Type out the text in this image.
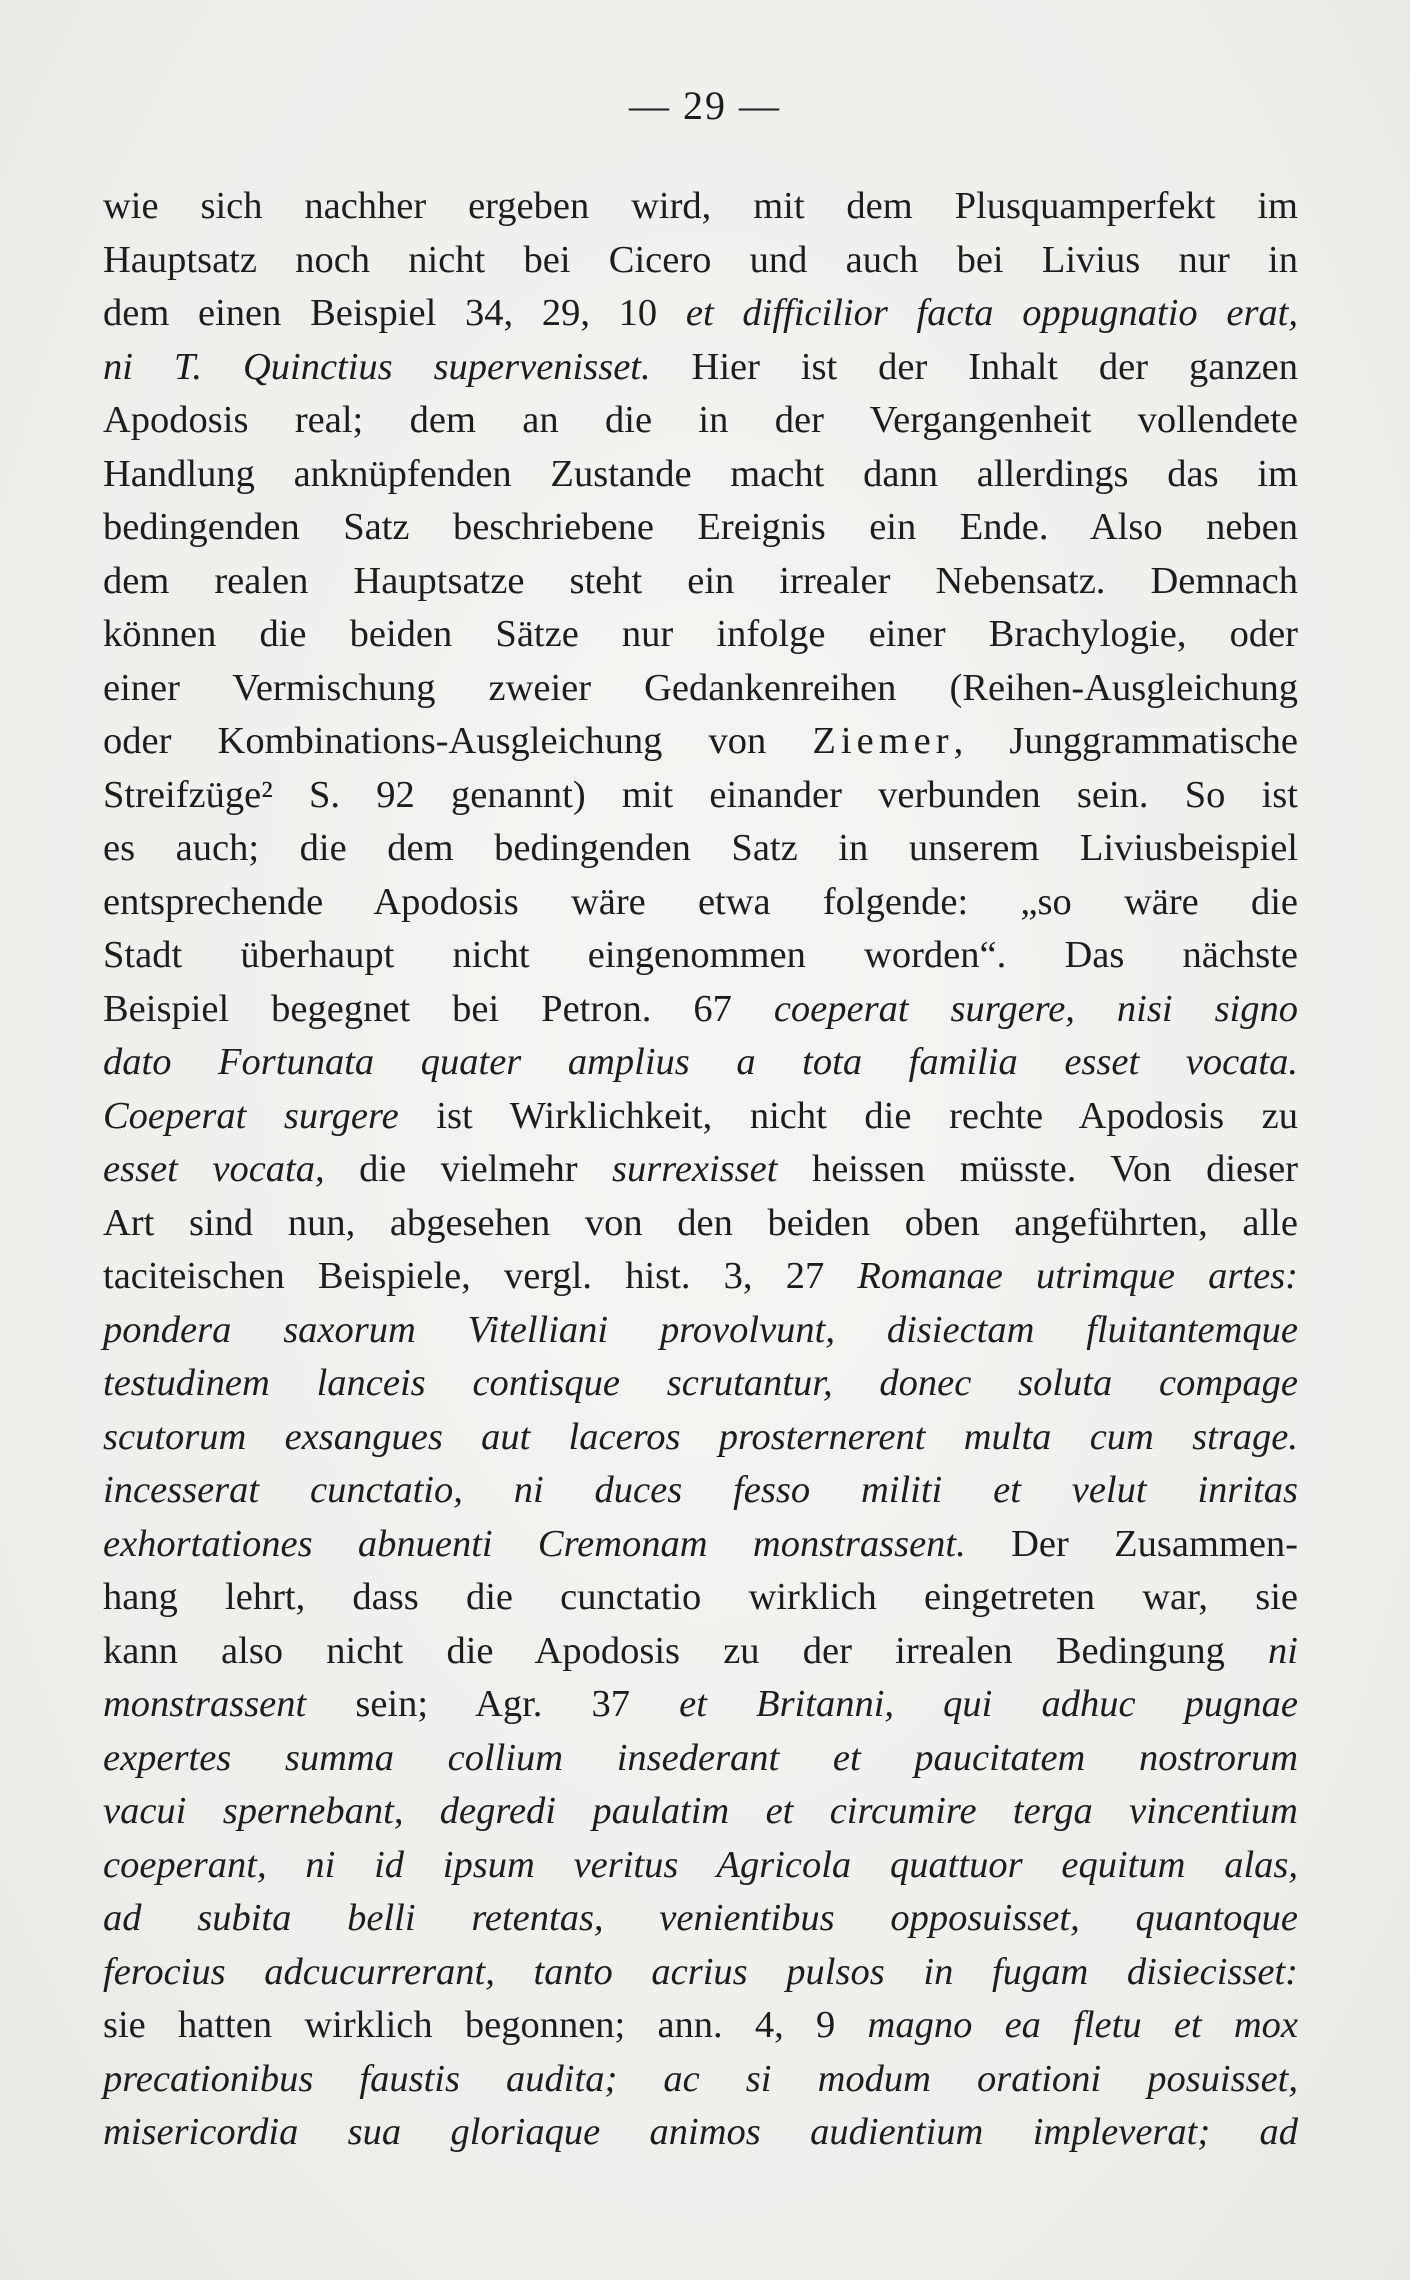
— 29 —
wie sich nachher ergeben wird, mit dem Plusquamperfekt im
Hauptsatz noch nicht bei Cicero und auch bei Livius nur in
dem einen Beispiel 34, 29, 10 et difficilior facta oppugnatio erat,
ni T. Quinctius supervenisset. Hier ist der Inhalt der ganzen
Apodosis real; dem an die in der Vergangenheit vollendete
Handlung anknüpfenden Zustande macht dann allerdings das im
bedingenden Satz beschriebene Ereignis ein Ende. Also neben
dem realen Hauptsatze steht ein irrealer Nebensatz. Demnach
können die beiden Sätze nur infolge einer Brachylogie, oder
einer Vermischung zweier Gedankenreihen (Reihen-Ausgleichung
oder Kombinations-Ausgleichung von Ziemer, Junggrammatische
Streifzüge² S. 92 genannt) mit einander verbunden sein. So ist
es auch; die dem bedingenden Satz in unserem Liviusbeispiel
entsprechende Apodosis wäre etwa folgende: „so wäre die
Stadt überhaupt nicht eingenommen worden“. Das nächste
Beispiel begegnet bei Petron. 67 coeperat surgere, nisi signo
dato Fortunata quater amplius a tota familia esset vocata.
Coeperat surgere ist Wirklichkeit, nicht die rechte Apodosis zu
esset vocata, die vielmehr surrexisset heissen müsste. Von dieser
Art sind nun, abgesehen von den beiden oben angeführten, alle
taciteischen Beispiele, vergl. hist. 3, 27 Romanae utrimque artes:
pondera saxorum Vitelliani provolvunt, disiectam fluitantemque
testudinem lanceis contisque scrutantur, donec soluta compage
scutorum exsangues aut laceros prosternerent multa cum strage.
incesserat cunctatio, ni duces fesso militi et velut inritas
exhortationes abnuenti Cremonam monstrassent. Der Zusammen-
hang lehrt, dass die cunctatio wirklich eingetreten war, sie
kann also nicht die Apodosis zu der irrealen Bedingung ni
monstrassent sein; Agr. 37 et Britanni, qui adhuc pugnae
expertes summa collium insederant et paucitatem nostrorum
vacui spernebant, degredi paulatim et circumire terga vincentium
coeperant, ni id ipsum veritus Agricola quattuor equitum alas,
ad subita belli retentas, venientibus opposuisset, quantoque
ferocius adcucurrerant, tanto acrius pulsos in fugam disiecisset:
sie hatten wirklich begonnen; ann. 4, 9 magno ea fletu et mox
precationibus faustis audita; ac si modum orationi posuisset,
misericordia sua gloriaque animos audientium impleverat; ad
